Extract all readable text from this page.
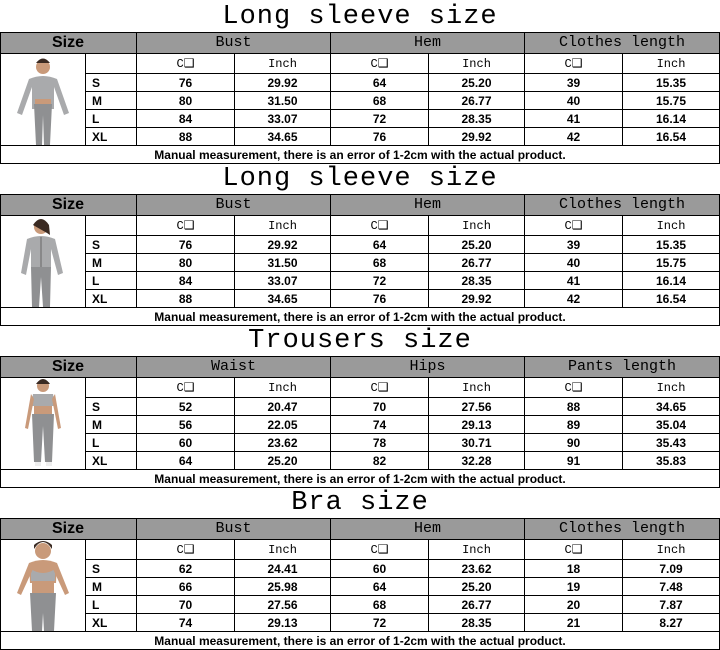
Long sleeve size
Size	Bust	Hem	Clothes length
C❑	Inch	C❑	Inch	C❑	Inch
S	76	29.92	64	25.20	39	15.35
M	80	31.50	68	26.77	40	15.75
L	84	33.07	72	28.35	41	16.14
XL	88	34.65	76	29.92	42	16.54
Manual measurement, there is an error of 1-2cm with the actual product.
Long sleeve size
Size	Bust	Hem	Clothes length
C❑	Inch	C❑	Inch	C❑	Inch
S	76	29.92	64	25.20	39	15.35
M	80	31.50	68	26.77	40	15.75
L	84	33.07	72	28.35	41	16.14
XL	88	34.65	76	29.92	42	16.54
Manual measurement, there is an error of 1-2cm with the actual product.
Trousers size
Size	Waist	Hips	Pants length
C❑	Inch	C❑	Inch	C❑	Inch
S	52	20.47	70	27.56	88	34.65
M	56	22.05	74	29.13	89	35.04
L	60	23.62	78	30.71	90	35.43
XL	64	25.20	82	32.28	91	35.83
Manual measurement, there is an error of 1-2cm with the actual product.
Bra size
Size	Bust	Hem	Clothes length
C❑	Inch	C❑	Inch	C❑	Inch
S	62	24.41	60	23.62	18	7.09
M	66	25.98	64	25.20	19	7.48
L	70	27.56	68	26.77	20	7.87
XL	74	29.13	72	28.35	21	8.27
Manual measurement, there is an error of 1-2cm with the actual product.
